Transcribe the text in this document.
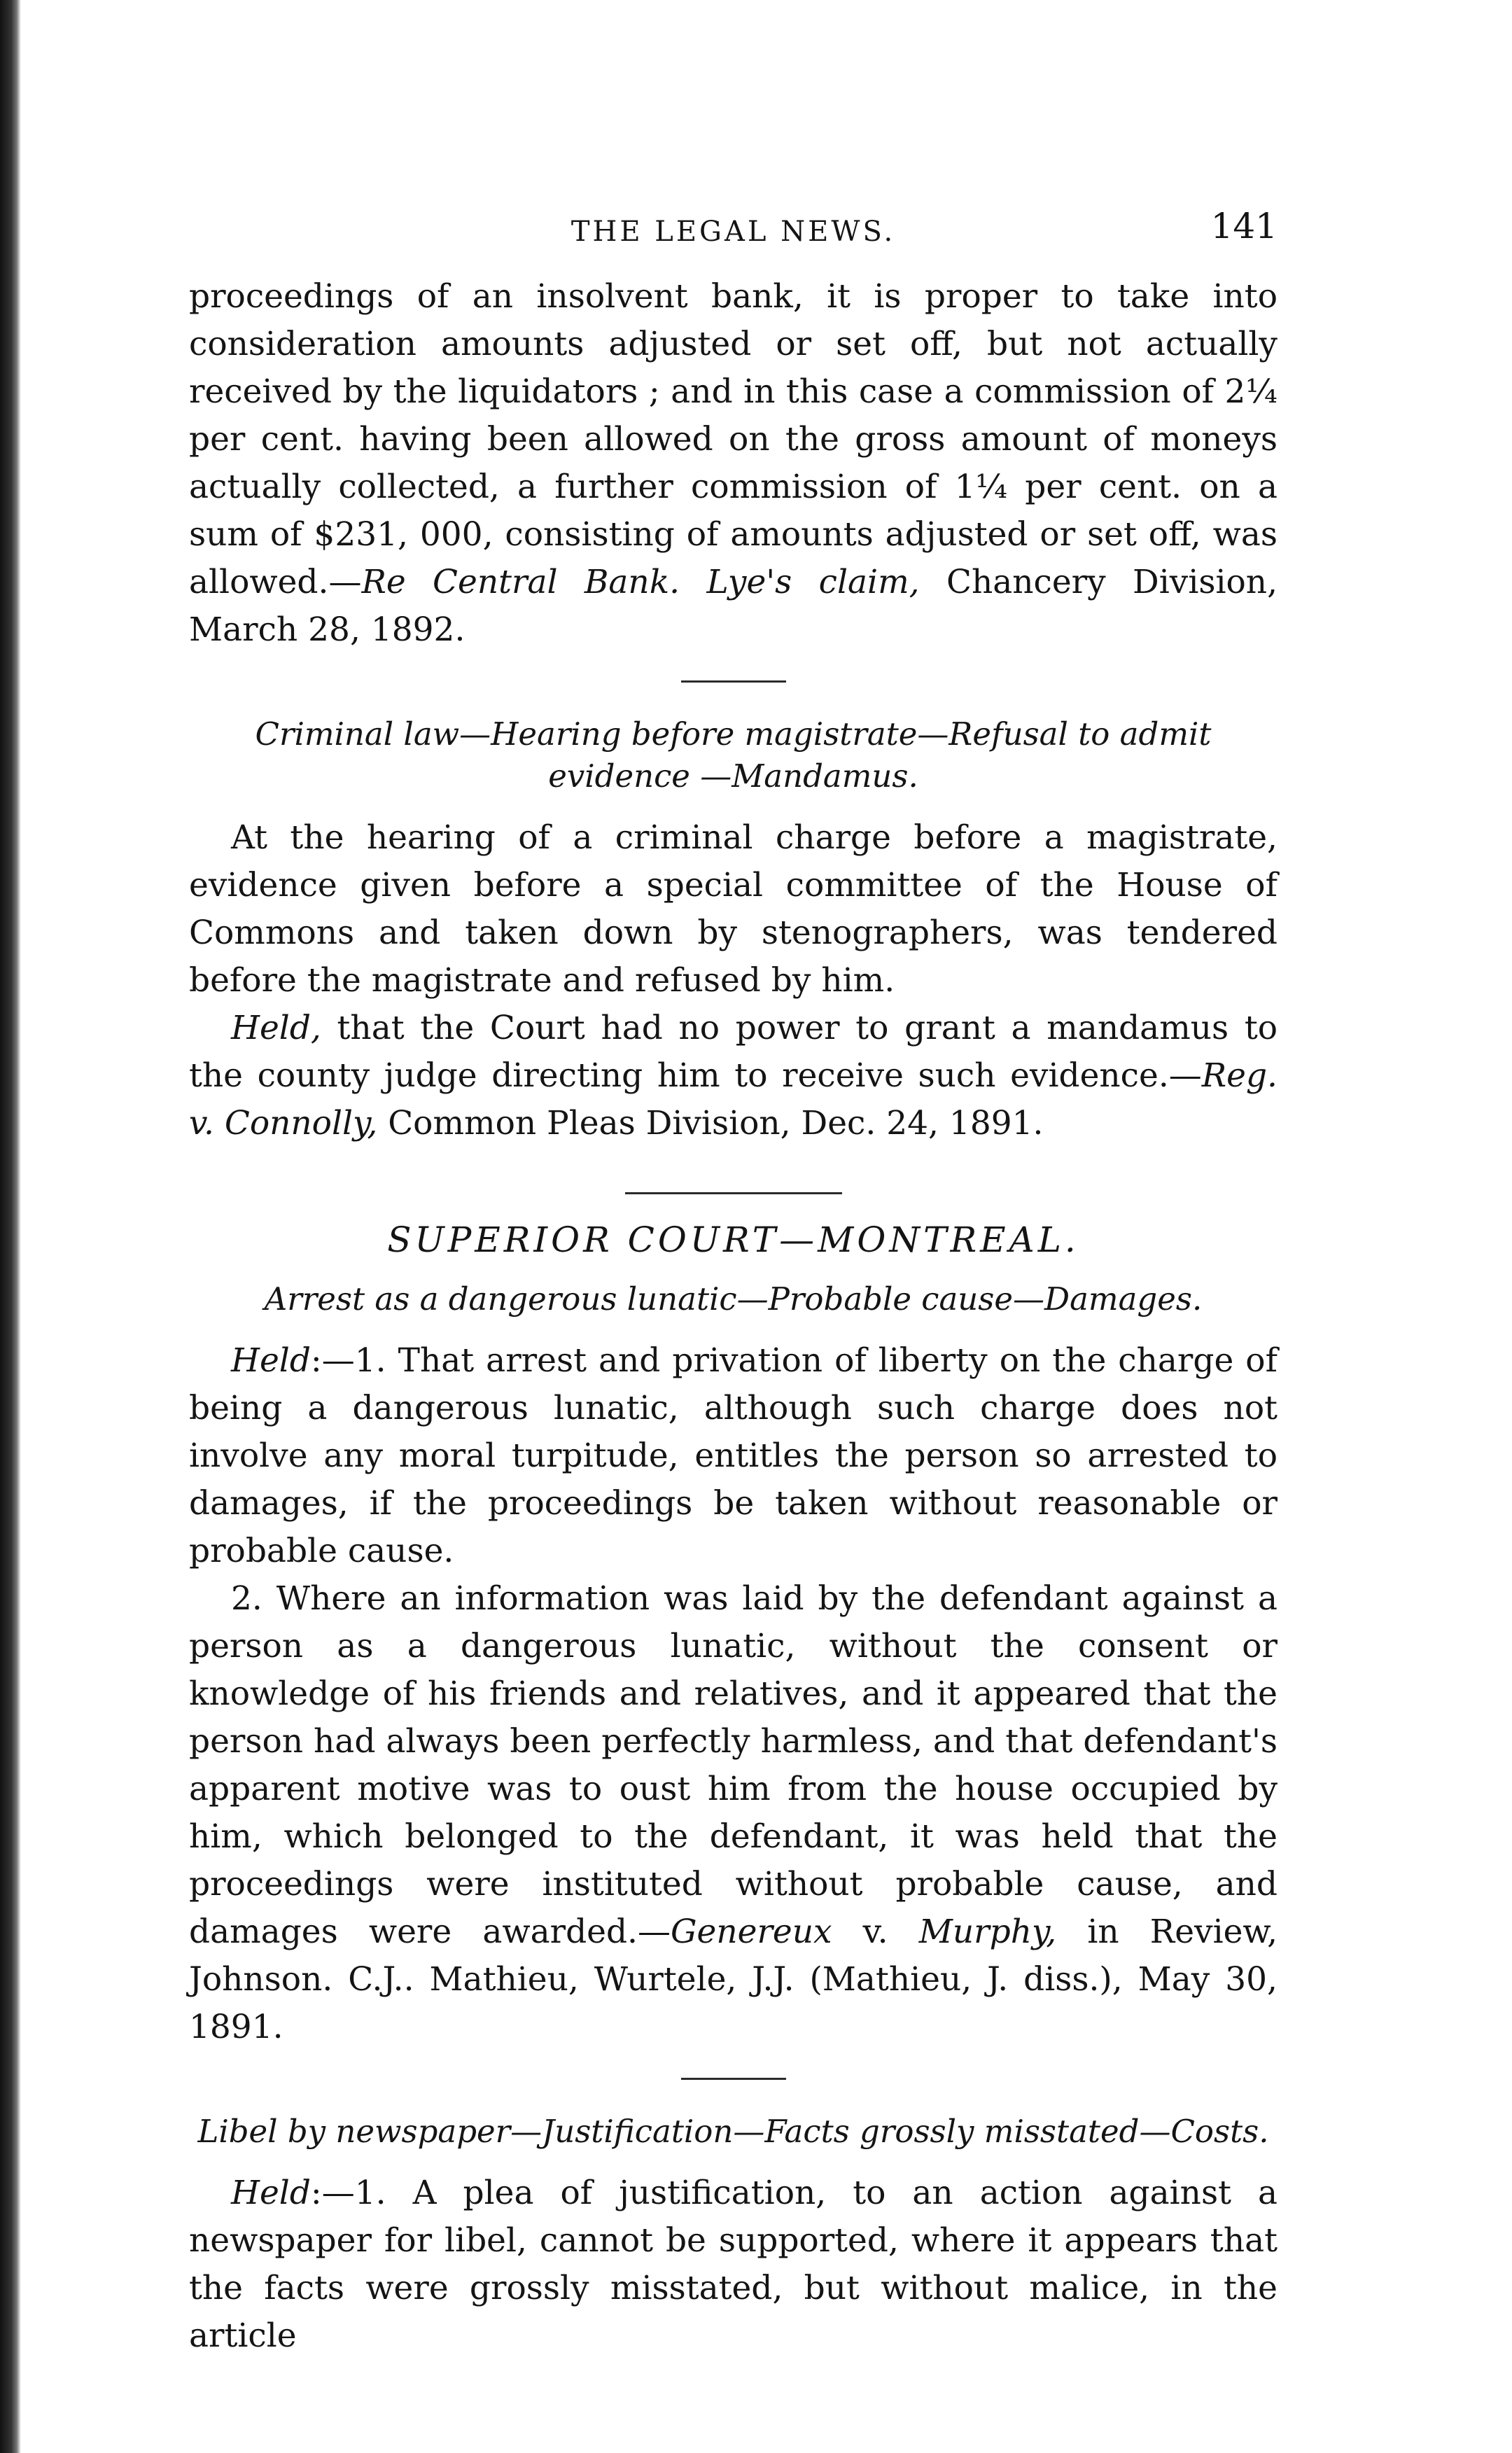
THE LEGAL NEWS.	141

proceedings of an insolvent bank, it is proper to take into consideration amounts adjusted or set off, but not actually received by the liquidators ; and in this case a commission of 2¼ per cent. having been allowed on the gross amount of moneys actually collected, a further commission of 1¼ per cent. on a sum of $231, 000, consisting of amounts adjusted or set off, was allowed.—Re Central Bank. Lye's claim, Chancery Division, March 28, 1892.

Criminal law—Hearing before magistrate—Refusal to admit evidence —Mandamus.

At the hearing of a criminal charge before a magistrate, evidence given before a special committee of the House of Commons and taken down by stenographers, was tendered before the magistrate and refused by him.

Held, that the Court had no power to grant a mandamus to the county judge directing him to receive such evidence.—Reg. v. Connolly, Common Pleas Division, Dec. 24, 1891.

SUPERIOR COURT—MONTREAL.
Arrest as a dangerous lunatic—Probable cause—Damages.

Held:—1. That arrest and privation of liberty on the charge of being a dangerous lunatic, although such charge does not involve any moral turpitude, entitles the person so arrested to damages, if the proceedings be taken without reasonable or probable cause.

2. Where an information was laid by the defendant against a person as a dangerous lunatic, without the consent or knowledge of his friends and relatives, and it appeared that the person had always been perfectly harmless, and that defendant's apparent motive was to oust him from the house occupied by him, which belonged to the defendant, it was held that the proceedings were instituted without probable cause, and damages were awarded.—Genereux v. Murphy, in Review, Johnson. C.J.. Mathieu, Wurtele, J.J. (Mathieu, J. diss.), May 30, 1891.

Libel by newspaper—Justification—Facts grossly misstated—Costs.

Held:—1. A plea of justification, to an action against a newspaper for libel, cannot be supported, where it appears that the facts were grossly misstated, but without malice, in the article
